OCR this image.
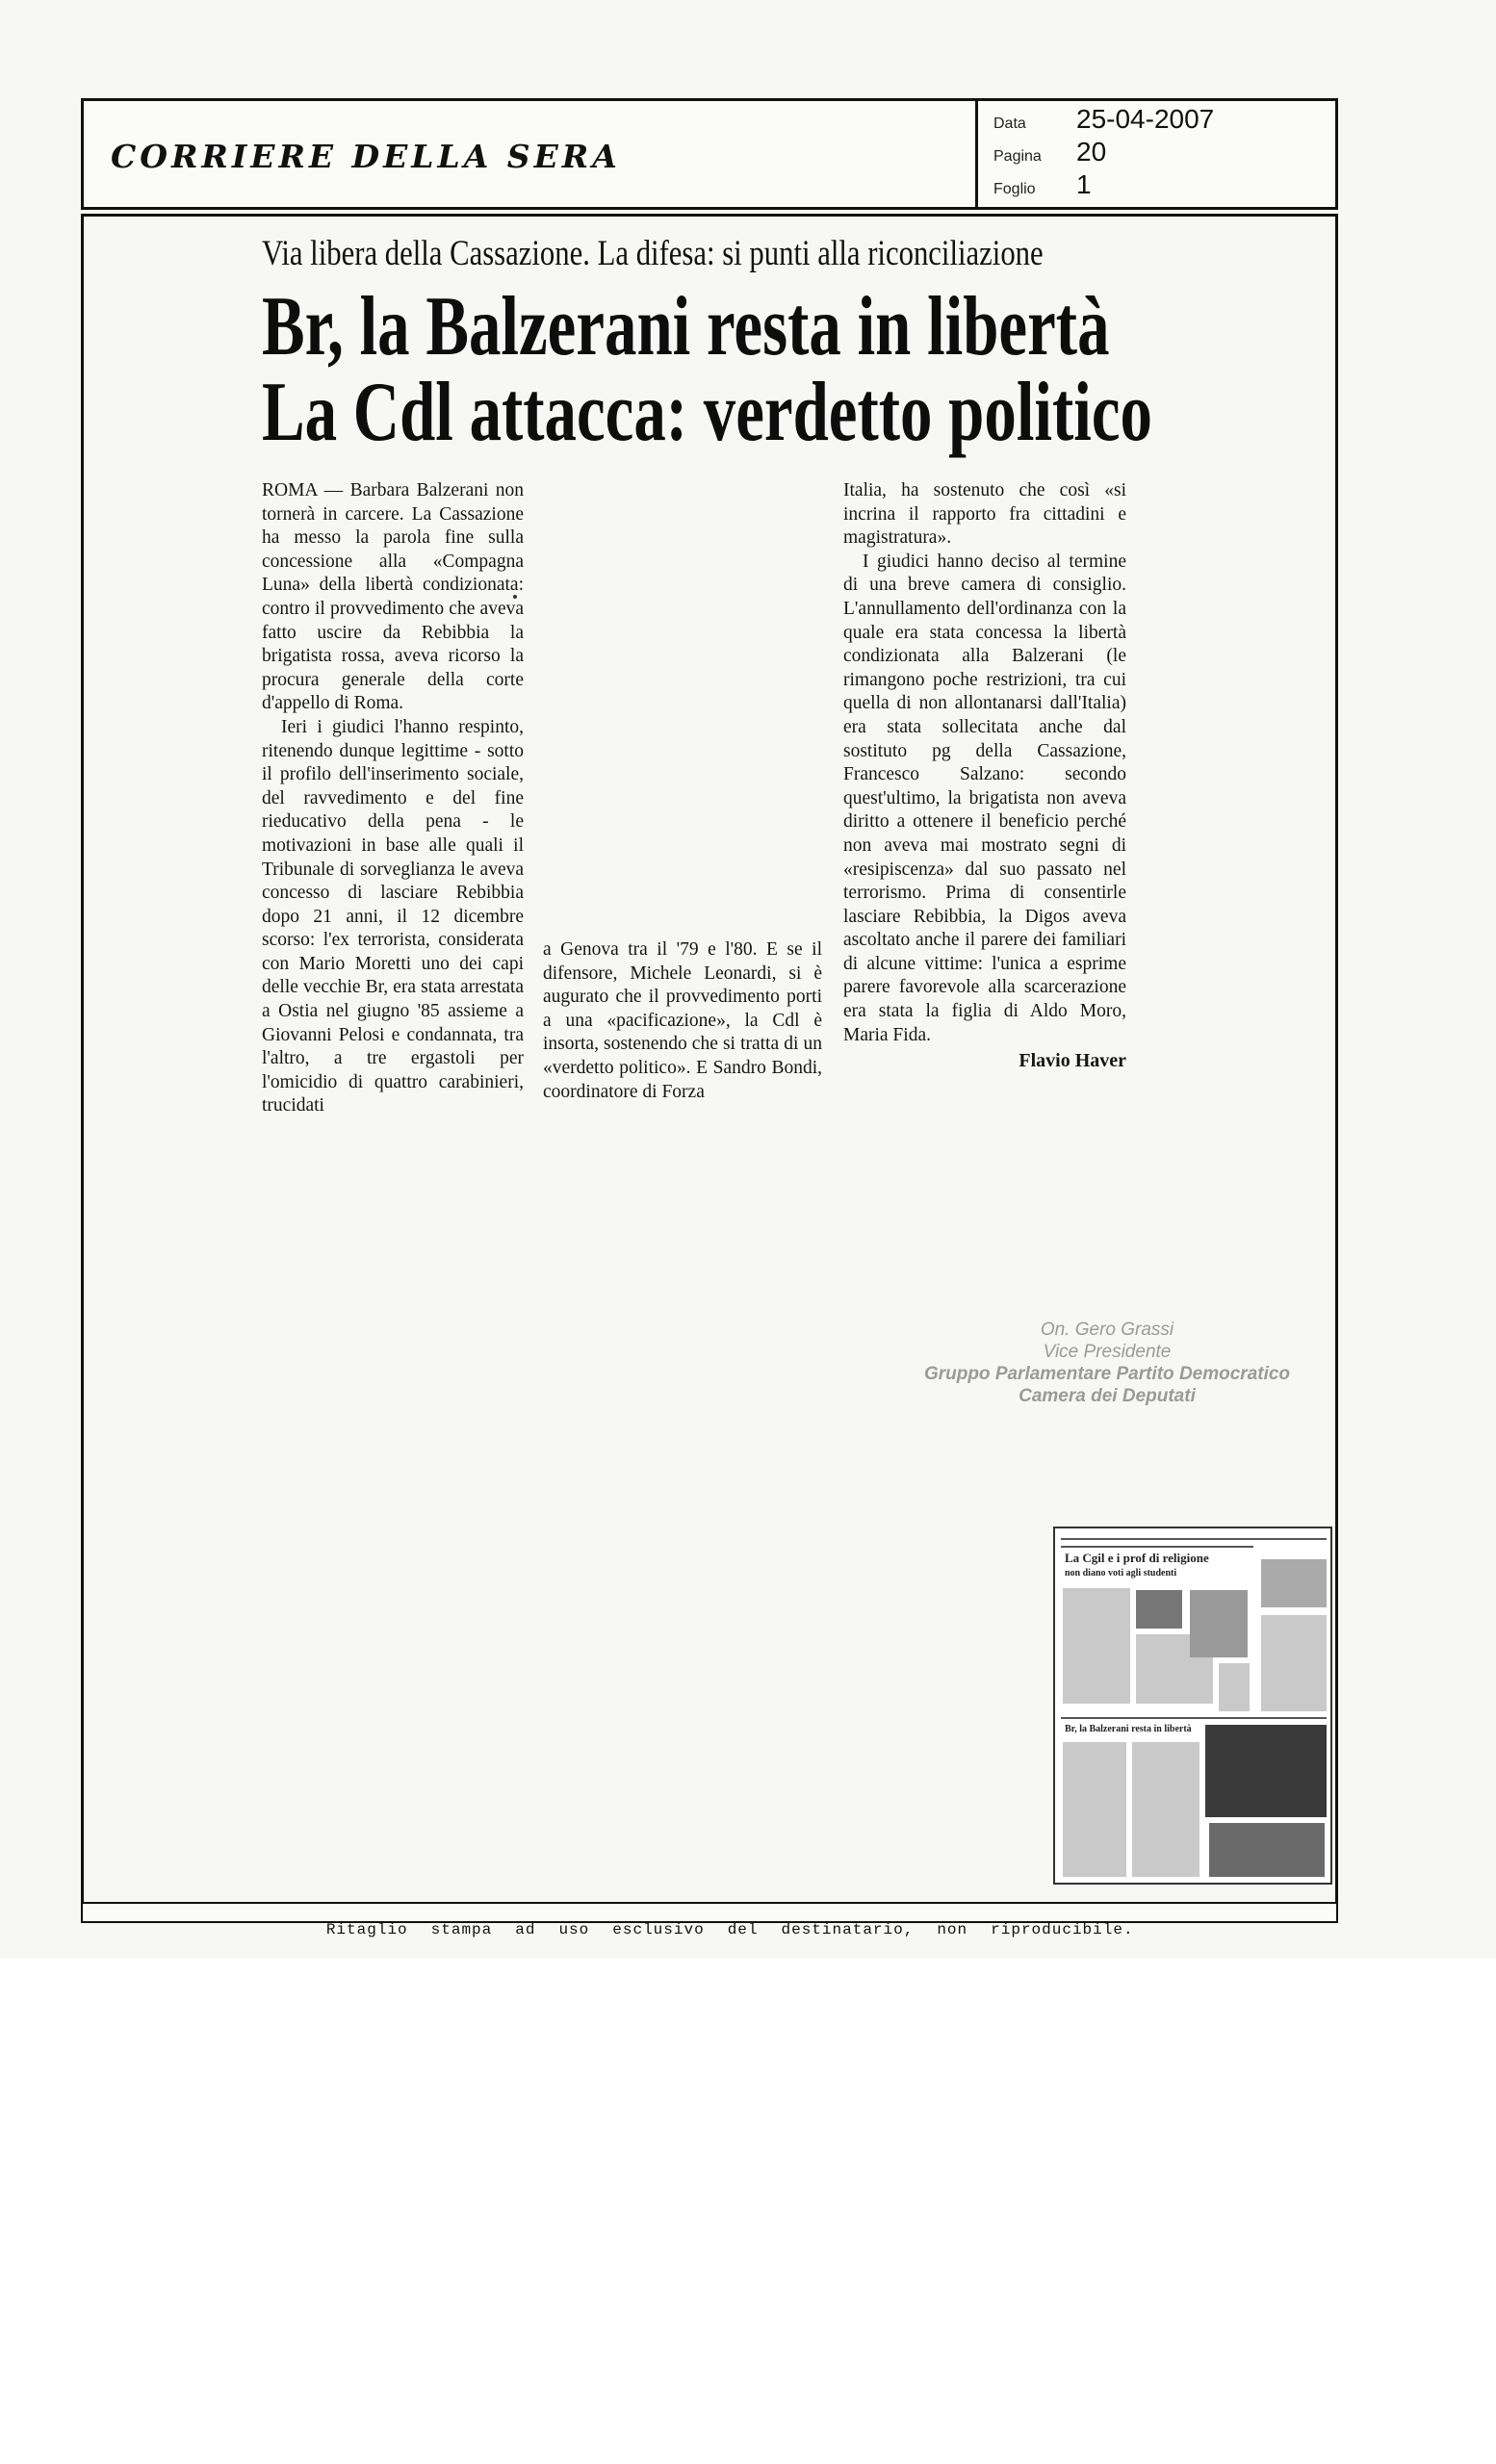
CORRIERE DELLA SERA
Data	25-04-2007
Pagina	20
Foglio	1
Via libera della Cassazione. La difesa: si punti alla riconciliazione
Br, la Balzerani resta in libertà
La Cdl attacca: verdetto politico

ROMA — Barbara Balzerani non tornerà in carcere. La Cassazione ha messo la parola fine sulla concessione alla «Compagna Luna» della libertà condizionata: contro il provvedimento che aveva fatto uscire da Rebibbia la brigatista rossa, aveva ricorso la procura generale della corte d'appello di Roma.

Ieri i giudici l'hanno respinto, ritenendo dunque legittime - sotto il profilo dell'inserimento sociale, del ravvedimento e del fine rieducativo della pena - le motivazioni in base alle quali il Tribunale di sorveglianza le aveva concesso di lasciare Rebibbia dopo 21 anni, il 12 dicembre scorso: l'ex terrorista, considerata con Mario Moretti uno dei capi delle vecchie Br, era stata arrestata a Ostia nel giugno '85 assieme a Giovanni Pelosi e condannata, tra l'altro, a tre ergastoli per l'omicidio di quattro carabinieri, trucidati

a Genova tra il '79 e l'80. E se il difensore, Michele Leonardi, si è augurato che il provvedimento porti a una «pacificazione», la Cdl è insorta, sostenendo che si tratta di un «verdetto politico». E Sandro Bondi, coordinatore di Forza

Italia, ha sostenuto che così «si incrina il rapporto fra cittadini e magistratura».

I giudici hanno deciso al termine di una breve camera di consiglio. L'annullamento dell'ordinanza con la quale era stata concessa la libertà condizionata alla Balzerani (le rimangono poche restrizioni, tra cui quella di non allontanarsi dall'Italia) era stata sollecitata anche dal sostituto pg della Cassazione, Francesco Salzano: secondo quest'ultimo, la brigatista non aveva diritto a ottenere il beneficio perché non aveva mai mostrato segni di «resipiscenza» dal suo passato nel terrorismo. Prima di consentirle lasciare Rebibbia, la Digos aveva ascoltato anche il parere dei familiari di alcune vittime: l'unica a esprime parere favorevole alla scarcerazione era stata la figlia di Aldo Moro, Maria Fida.

Flavio Haver
On. Gero Grassi
Vice Presidente
Gruppo Parlamentare Partito Democratico
Camera dei Deputati
La Cgil e i prof di religione
non diano voti agli studenti
Br, la Balzerani resta in libertà

Ritaglio stampa ad uso esclusivo del destinatario, non riproducibile.
